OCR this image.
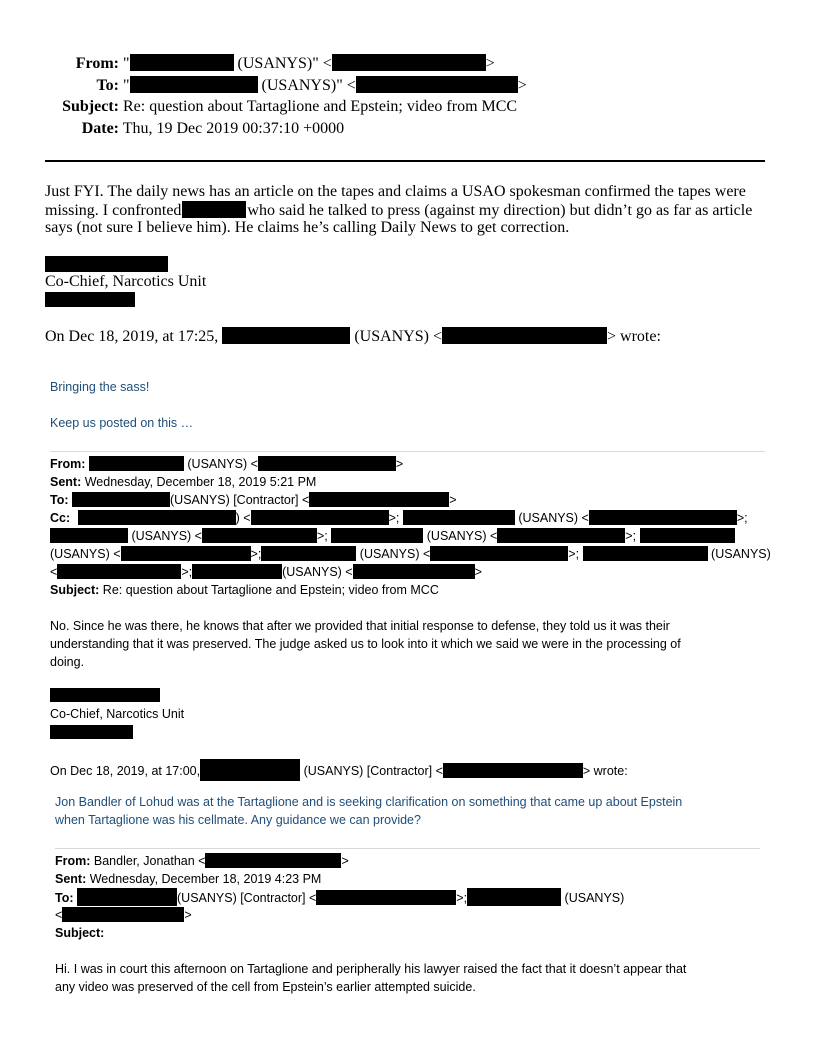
From: "	(USANYS)" <	>
To: "	(USANYS)" <	>
Subject: Re: question about Tartaglione and Epstein; video from MCC
Date: Thu, 19 Dec 2019 00:37:10 +0000
Just FYI. The daily news has an article on the tapes and claims a USAO spokesman confirmed the tapes were
missing. I confronted	who said he talked to press (against my direction) but didn’t go as far as article
says (not sure I believe him). He claims he’s calling Daily News to get correction.
Co-Chief, Narcotics Unit
On Dec 18, 2019, at 17:25,	(USANYS) <	> wrote:
Bringing the sass!
Keep us posted on this …
From:	(USANYS) <	>
Sent: Wednesday, December 18, 2019 5:21 PM
To:	(USANYS) [Contractor] <	>
Cc:	) <	>;	(USANYS) <	>;
(USANYS) <	>;	(USANYS) <	>;
(USANYS) <	>;	(USANYS) <	>;	(USANYS)
<	>;	(USANYS) <	>
Subject: Re: question about Tartaglione and Epstein; video from MCC
No. Since he was there, he knows that after we provided that initial response to defense, they told us it was their
understanding that it was preserved. The judge asked us to look into it which we said we were in the processing of
doing.
Co-Chief, Narcotics Unit
On Dec 18, 2019, at 17:00,	(USANYS) [Contractor] <	> wrote:
Jon Bandler of Lohud was at the Tartaglione and is seeking clarification on something that came up about Epstein
when Tartaglione was his cellmate. Any guidance we can provide?
From: Bandler, Jonathan <	>
Sent: Wednesday, December 18, 2019 4:23 PM
To:	(USANYS) [Contractor] <	>;	(USANYS)
<	>
Subject:
Hi. I was in court this afternoon on Tartaglione and peripherally his lawyer raised the fact that it doesn’t appear that
any video was preserved of the cell from Epstein’s earlier attempted suicide.
